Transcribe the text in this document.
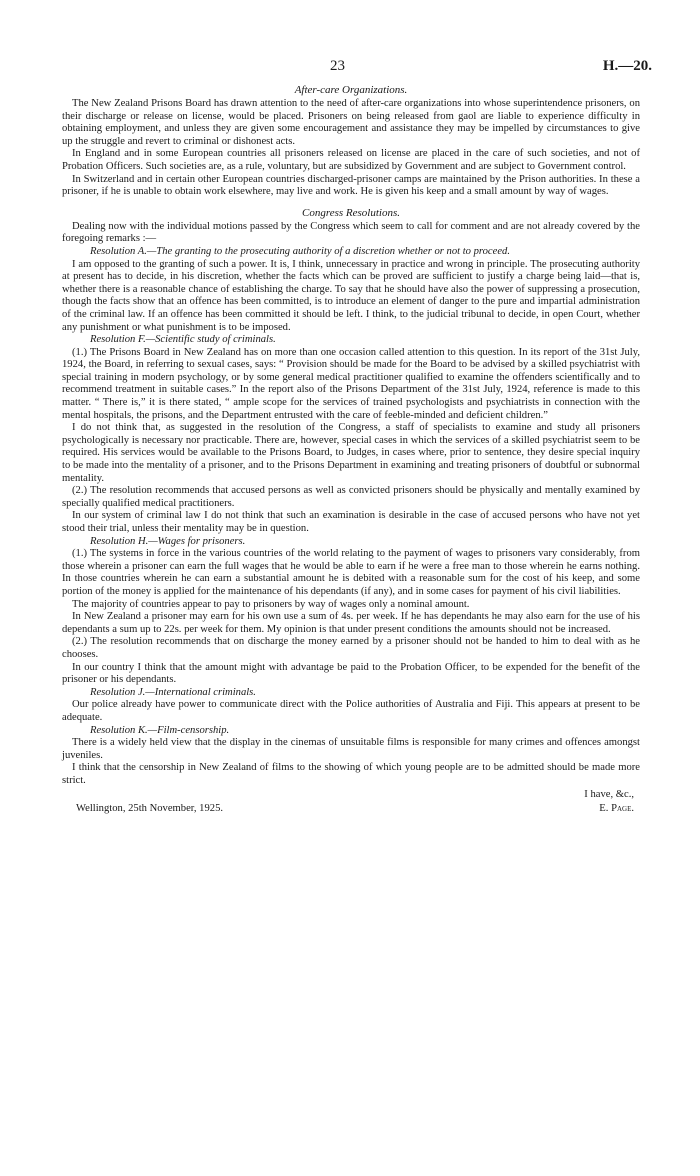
23	H.—20.
After-care Organizations.

The New Zealand Prisons Board has drawn attention to the need of after-care organizations into whose superintendence prisoners, on their discharge or release on license, would be placed. Prisoners on being released from gaol are liable to experience difficulty in obtaining employment, and unless they are given some encouragement and assistance they may be impelled by circumstances to give up the struggle and revert to criminal or dishonest acts.

In England and in some European countries all prisoners released on license are placed in the care of such societies, and not of Probation Officers. Such societies are, as a rule, voluntary, but are subsidized by Government and are subject to Government control.

In Switzerland and in certain other European countries discharged-prisoner camps are maintained by the Prison authorities. In these a prisoner, if he is unable to obtain work elsewhere, may live and work. He is given his keep and a small amount by way of wages.

Congress Resolutions.

Dealing now with the individual motions passed by the Congress which seem to call for comment and are not already covered by the foregoing remarks :—

Resolution A.—The granting to the prosecuting authority of a discretion whether or not to proceed.

I am opposed to the granting of such a power. It is, I think, unnecessary in practice and wrong in principle. The prosecuting authority at present has to decide, in his discretion, whether the facts which can be proved are sufficient to justify a charge being laid—that is, whether there is a reasonable chance of establishing the charge. To say that he should have also the power of suppressing a prosecution, though the facts show that an offence has been committed, is to introduce an element of danger to the pure and impartial administration of the criminal law. If an offence has been committed it should be left. I think, to the judicial tribunal to decide, in open Court, whether any punishment or what punishment is to be imposed.

Resolution F.—Scientific study of criminals.

(1.) The Prisons Board in New Zealand has on more than one occasion called attention to this question. In its report of the 31st July, 1924, the Board, in referring to sexual cases, says: “ Provision should be made for the Board to be advised by a skilled psychiatrist with special training in modern psychology, or by some general medical practitioner qualified to examine the offenders scientifically and to recommend treatment in suitable cases.” In the report also of the Prisons Department of the 31st July, 1924, reference is made to this matter. “ There is,” it is there stated, “ ample scope for the services of trained psychologists and psychiatrists in connection with the mental hospitals, the prisons, and the Department entrusted with the care of feeble-minded and deficient children.”

I do not think that, as suggested in the resolution of the Congress, a staff of specialists to examine and study all prisoners psychologically is necessary nor practicable. There are, however, special cases in which the services of a skilled psychiatrist seem to be required. His services would be available to the Prisons Board, to Judges, in cases where, prior to sentence, they desire special inquiry to be made into the mentality of a prisoner, and to the Prisons Department in examining and treating prisoners of doubtful or subnormal mentality.

(2.) The resolution recommends that accused persons as well as convicted prisoners should be physically and mentally examined by specially qualified medical practitioners.

In our system of criminal law I do not think that such an examination is desirable in the case of accused persons who have not yet stood their trial, unless their mentality may be in question.

Resolution H.—Wages for prisoners.

(1.) The systems in force in the various countries of the world relating to the payment of wages to prisoners vary considerably, from those wherein a prisoner can earn the full wages that he would be able to earn if he were a free man to those wherein he earns nothing. In those countries wherein he can earn a substantial amount he is debited with a reasonable sum for the cost of his keep, and some portion of the money is applied for the maintenance of his dependants (if any), and in some cases for payment of his civil liabilities.

The majority of countries appear to pay to prisoners by way of wages only a nominal amount.

In New Zealand a prisoner may earn for his own use a sum of 4s. per week. If he has dependants he may also earn for the use of his dependants a sum up to 22s. per week for them. My opinion is that under present conditions the amounts should not be increased.

(2.) The resolution recommends that on discharge the money earned by a prisoner should not be handed to him to deal with as he chooses.

In our country I think that the amount might with advantage be paid to the Probation Officer, to be expended for the benefit of the prisoner or his dependants.

Resolution J.—International criminals.

Our police already have power to communicate direct with the Police authorities of Australia and Fiji. This appears at present to be adequate.

Resolution K.—Film-censorship.

There is a widely held view that the display in the cinemas of unsuitable films is responsible for many crimes and offences amongst juveniles.

I think that the censorship in New Zealand of films to the showing of which young people are to be admitted should be made more strict.

I have, &c.,
Wellington, 25th November, 1925.	E. Page.
